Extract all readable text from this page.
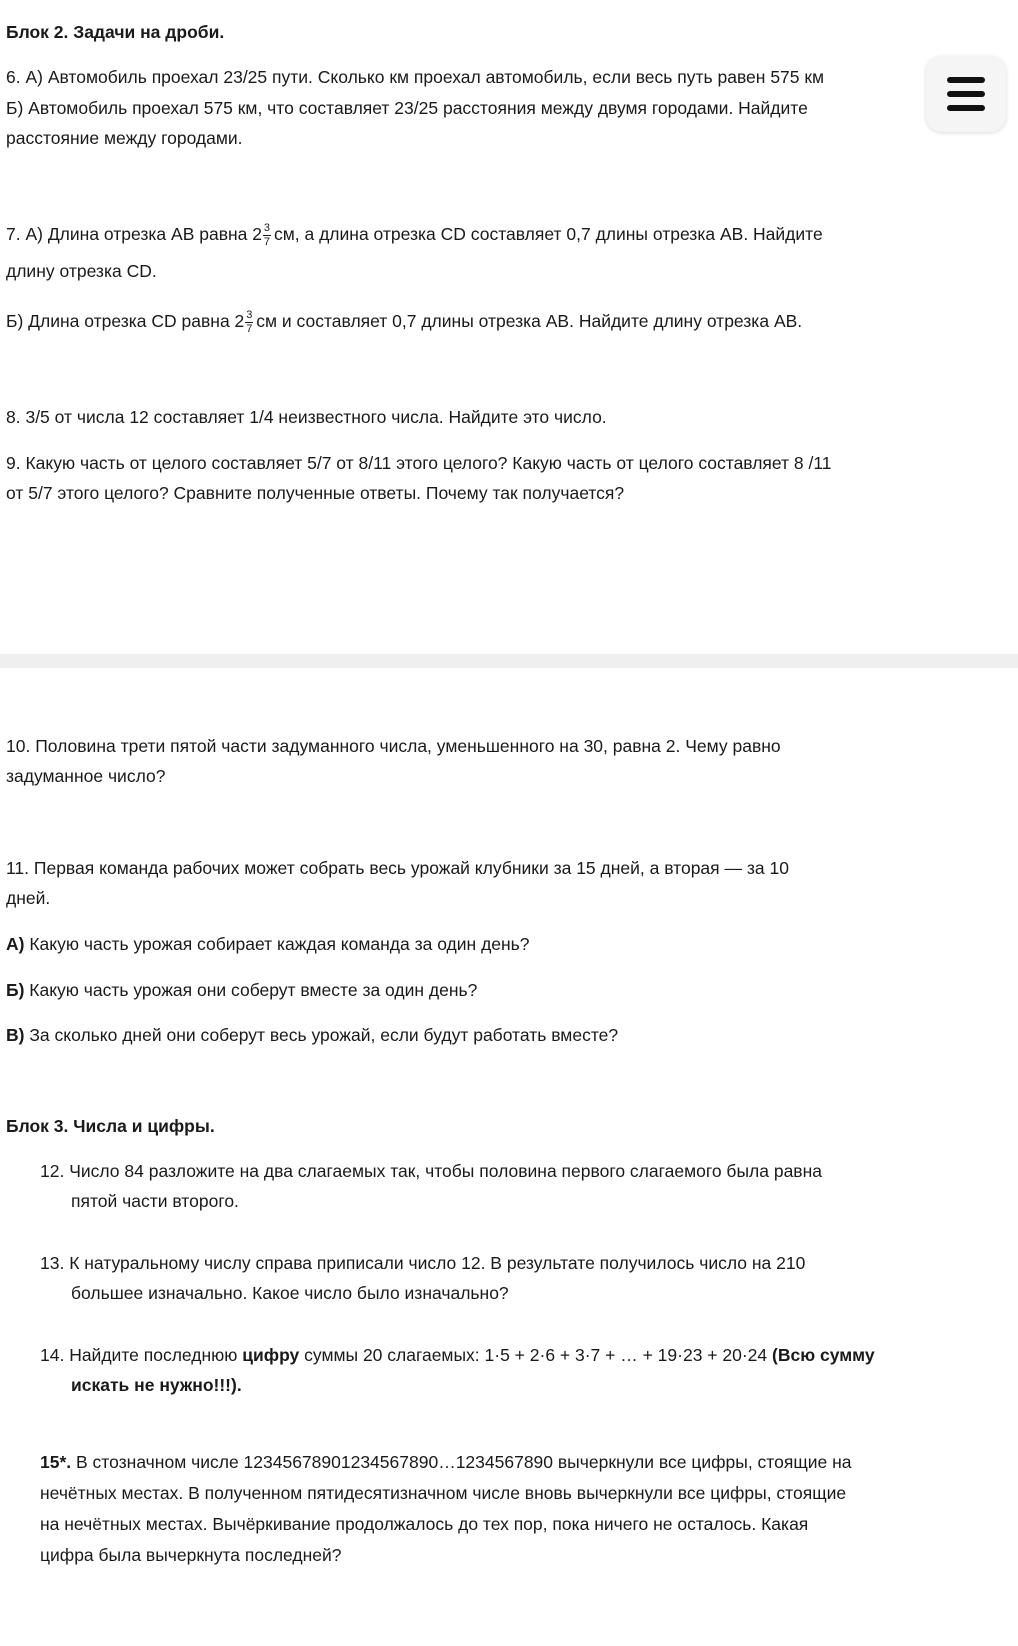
Блок 2. Задачи на дроби.

6. А) Автомобиль проехал 23/25 пути. Сколько км проехал автомобиль, если весь путь равен 575 км

Б) Автомобиль проехал 575 км, что составляет 23/25 расстояния между двумя городами. Найдите

расстояние между городами.

7. А) Длина отрезка АВ равна $2 \frac{3}{7}$ см, а длина отрезка CD составляет 0,7 длины отрезка АВ. Найдите

длину отрезка CD.

Б) Длина отрезка CD равна $2 \frac{3}{7}$ см и составляет 0,7 длины отрезка АВ. Найдите длину отрезка АВ.

8. 3/5 от числа 12 составляет 1/4 неизвестного числа. Найдите это число.

9. Какую часть от целого составляет 5/7 от 8/11 этого целого? Какую часть от целого составляет 8 /11

от 5/7 этого целого? Сравните полученные ответы. Почему так получается?

10. Половина трети пятой части задуманного числа, уменьшенного на 30, равна 2. Чему равно

задуманное число?

11. Первая команда рабочих может собрать весь урожай клубники за 15 дней, а вторая — за 10

дней.

А) Какую часть урожая собирает каждая команда за один день?

Б) Какую часть урожая они соберут вместе за один день?

В) За сколько дней они соберут весь урожай, если будут работать вместе?

Блок 3. Числа и цифры.

12. Число 84 разложите на два слагаемых так, чтобы половина первого слагаемого была равна

пятой части второго.

13. К натуральному числу справа приписали число 12. В результате получилось число на 210

большее изначально. Какое число было изначально?

14. Найдите последнюю цифру суммы 20 слагаемых: 1·5 + 2·6 + 3·7 + … + 19·23 + 20·24 (Всю сумму

искать не нужно!!!).

15*. В стозначном числе 12345678901234567890…1234567890 вычеркнули все цифры, стоящие на

нечётных местах. В полученном пятидесятизначном числе вновь вычеркнули все цифры, стоящие

на нечётных местах. Вычёркивание продолжалось до тех пор, пока ничего не осталось. Какая

цифра была вычеркнута последней?
